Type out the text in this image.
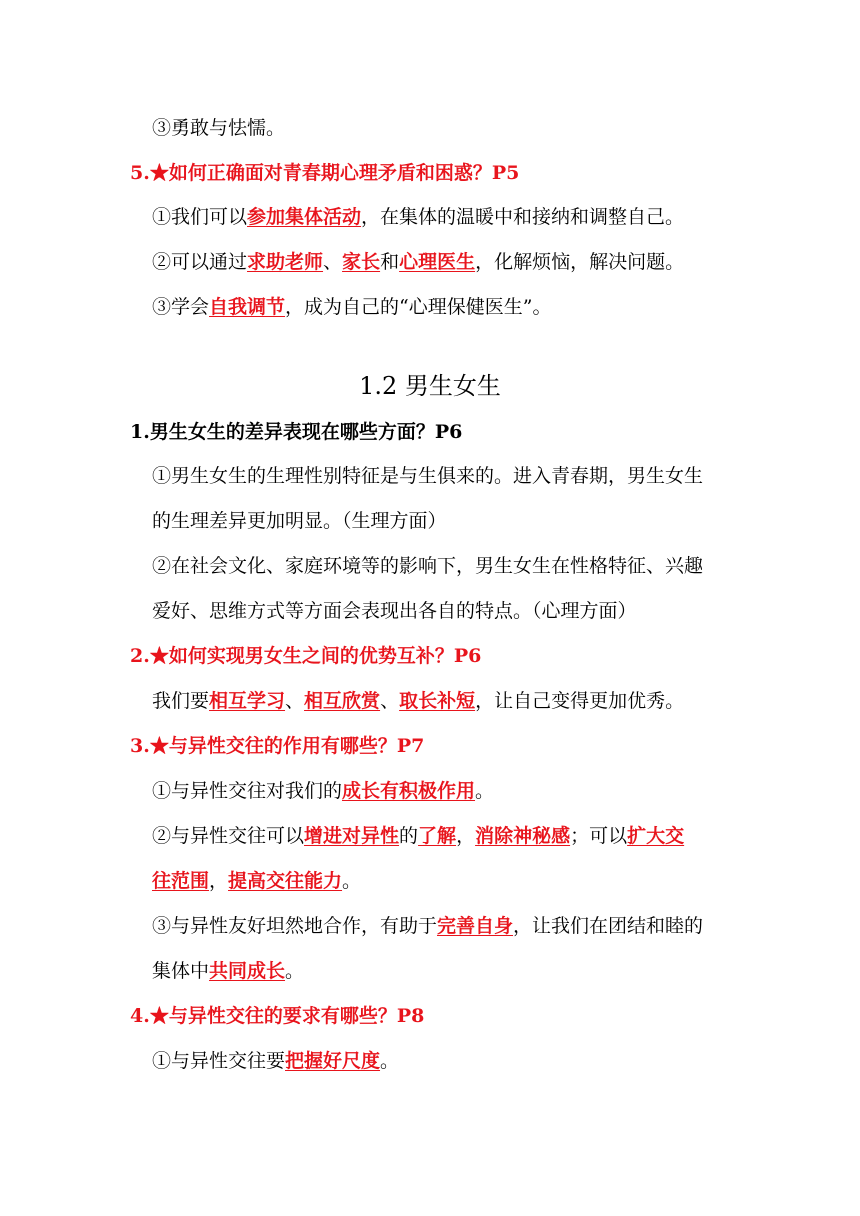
③勇敢与怯懦。
5.★如何正确面对青春期心理矛盾和困惑？P5
①我们可以参加集体活动，在集体的温暖中和接纳和调整自己。
②可以通过求助老师、家长和心理医生，化解烦恼，解决问题。
③学会自我调节，成为自己的“心理保健医生”。
1.2 男生女生
1.男生女生的差异表现在哪些方面？P6
①男生女生的生理性别特征是与生俱来的。进入青春期，男生女生
的生理差异更加明显。（生理方面）
②在社会文化、家庭环境等的影响下，男生女生在性格特征、兴趣
爱好、思维方式等方面会表现出各自的特点。（心理方面）
2.★如何实现男女生之间的优势互补？P6
我们要相互学习、相互欣赏、取长补短，让自己变得更加优秀。
3.★与异性交往的作用有哪些？P7
①与异性交往对我们的成长有积极作用。
②与异性交往可以增进对异性的了解，消除神秘感；可以扩大交
往范围，提高交往能力。
③与异性友好坦然地合作，有助于完善自身，让我们在团结和睦的
集体中共同成长。
4.★与异性交往的要求有哪些？P8
①与异性交往要把握好尺度。
